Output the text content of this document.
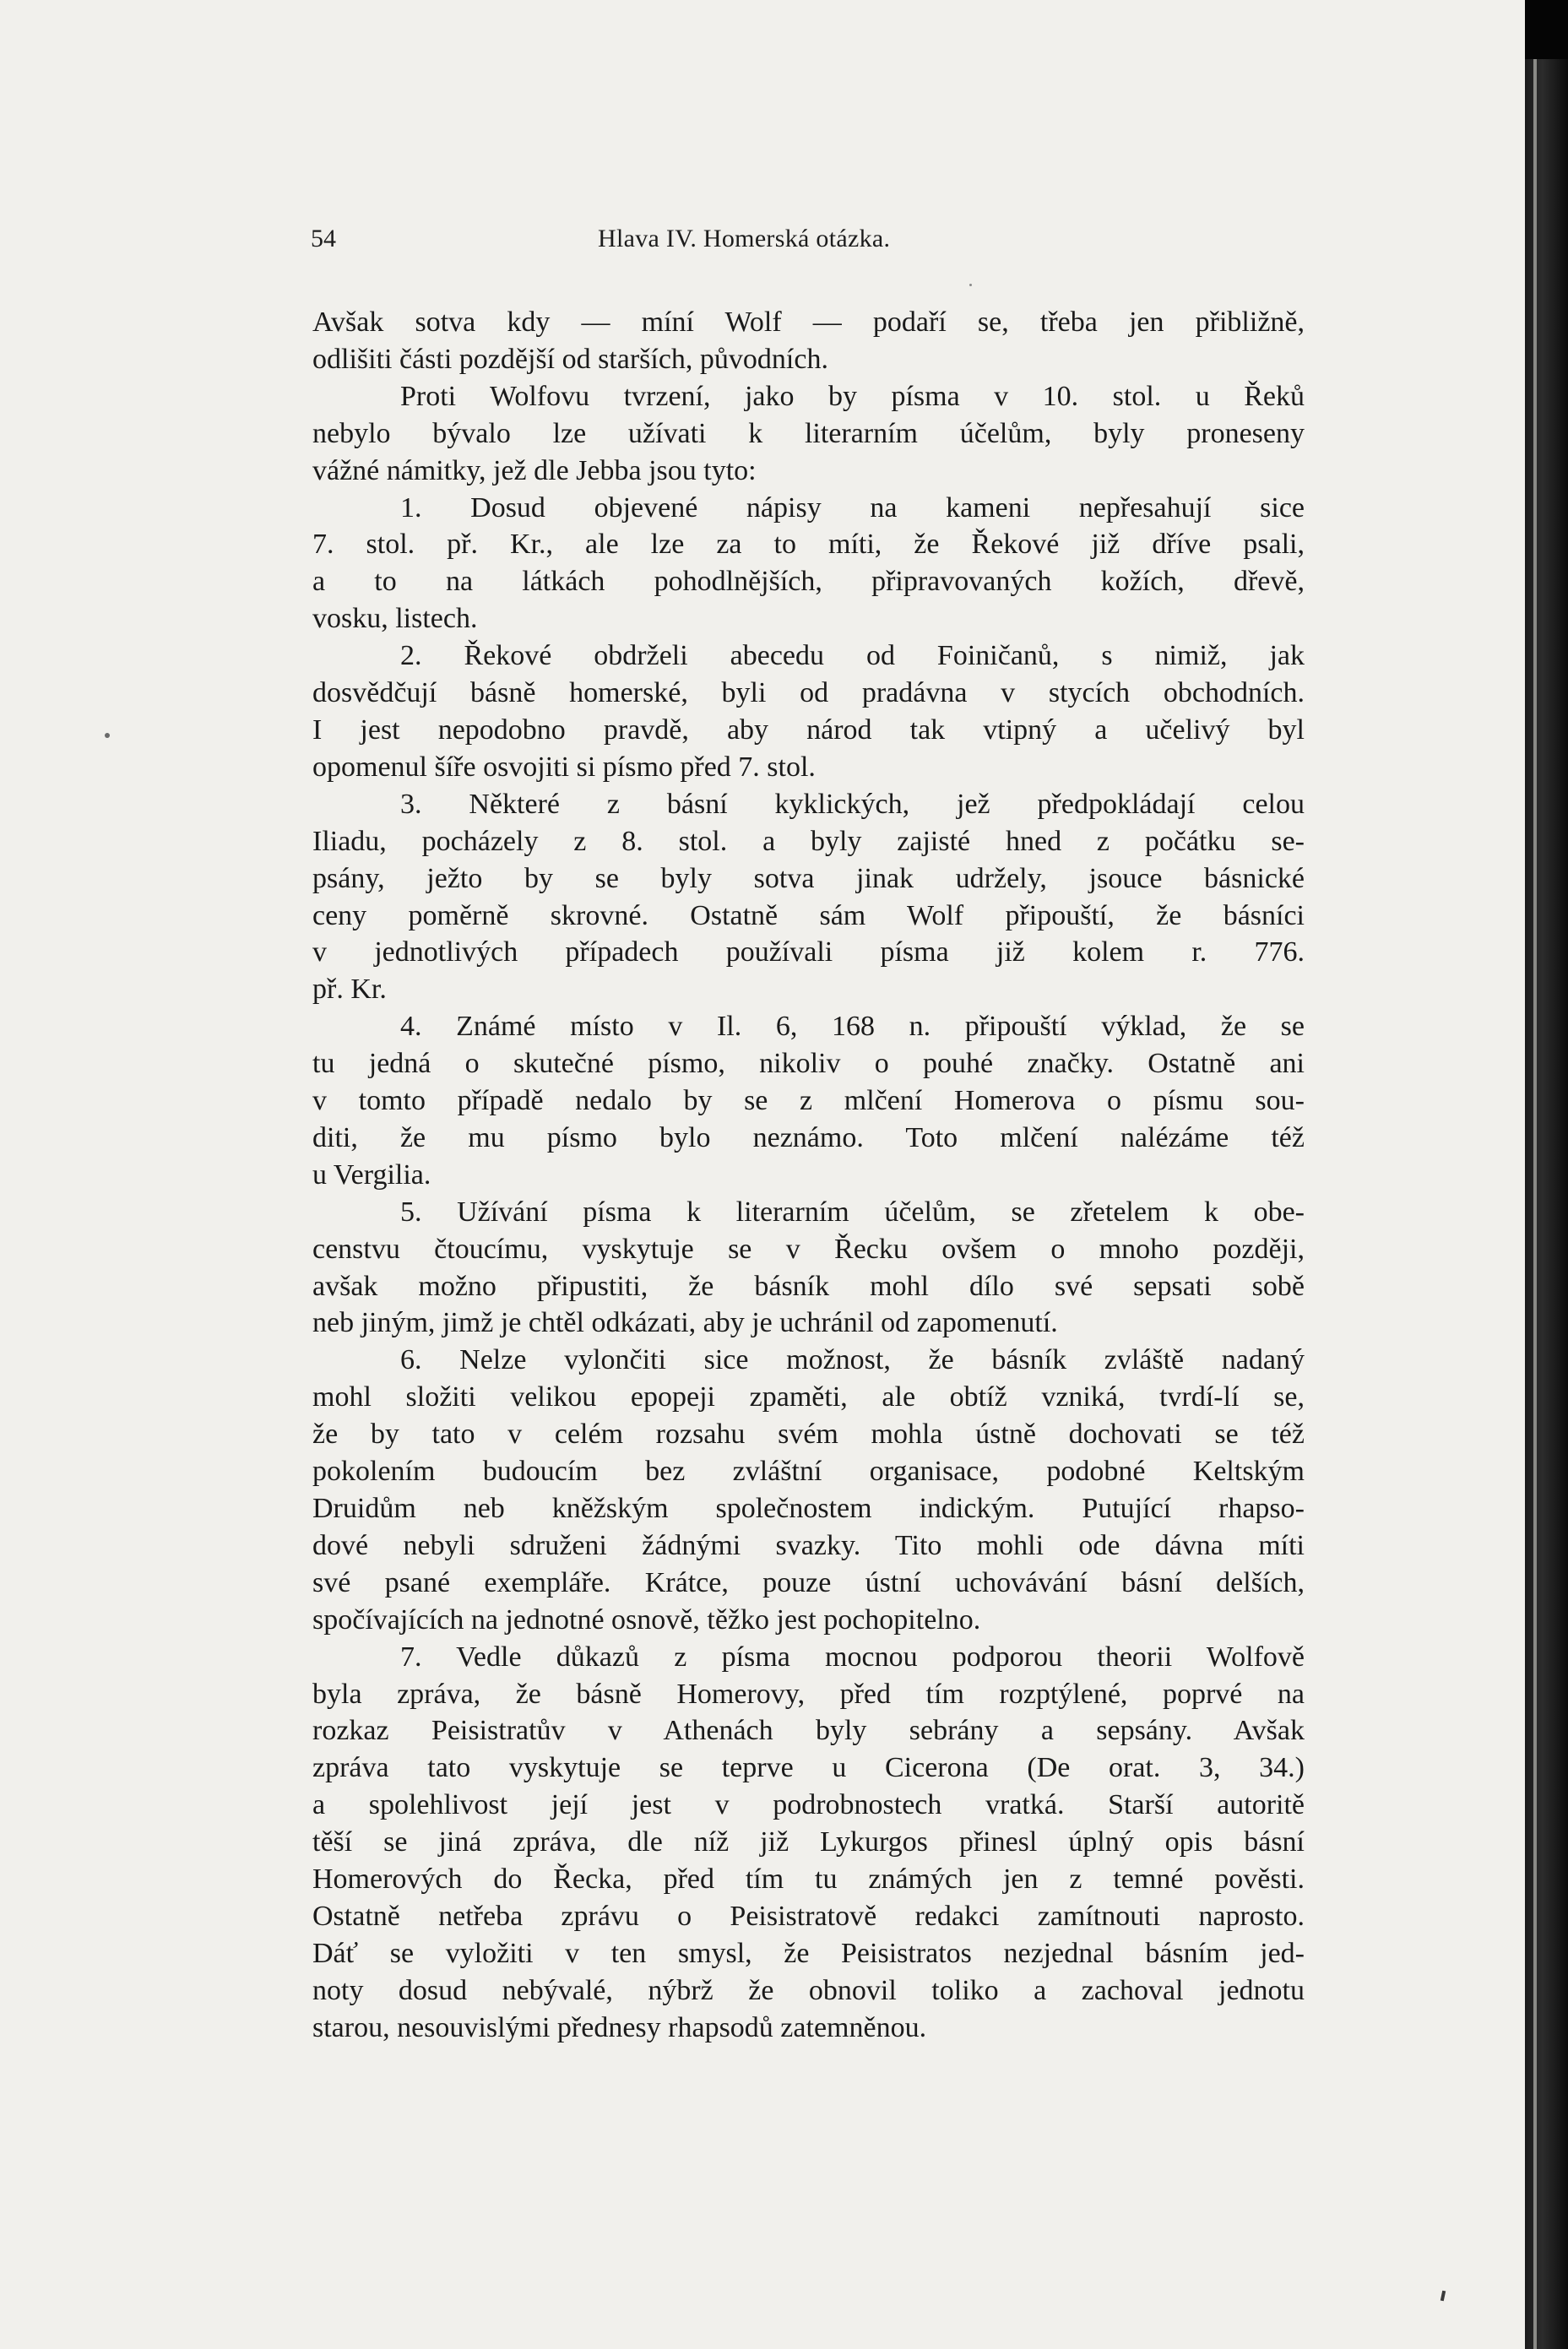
54	Hlava IV. Homerská otázka.

Avšak sotva kdy — míní Wolf — podaří se, třeba jen přibližně,
odlišiti části pozdější od starších, původních.

Proti Wolfovu tvrzení, jako by písma v 10. stol. u Řeků
nebylo bývalo lze užívati k literarním účelům, byly proneseny
vážné námitky, jež dle Jebba jsou tyto:

1. Dosud objevené nápisy na kameni nepřesahují sice
7. stol. př. Kr., ale lze za to míti, že Řekové již dříve psali,
a to na látkách pohodlnějších, připravovaných kožích, dřevě,
vosku, listech.

2. Řekové obdrželi abecedu od Foiničanů, s nimiž, jak
dosvědčují básně homerské, byli od pradávna v stycích obchodních.
I jest nepodobno pravdě, aby národ tak vtipný a učelivý byl
opomenul šíře osvojiti si písmo před 7. stol.

3. Některé z básní kyklických, jež předpokládají celou
Iliadu, pocházely z 8. stol. a byly zajisté hned z počátku se-
psány, ježto by se byly sotva jinak udržely, jsouce básnické
ceny poměrně skrovné. Ostatně sám Wolf připouští, že básníci
v jednotlivých případech používali písma již kolem r. 776.
př. Kr.

4. Známé místo v Il. 6, 168 n. připouští výklad, že se
tu jedná o skutečné písmo, nikoliv o pouhé značky. Ostatně ani
v tomto případě nedalo by se z mlčení Homerova o písmu sou-
diti, že mu písmo bylo neznámo. Toto mlčení nalézáme též
u Vergilia.

5. Užívání písma k literarním účelům, se zřetelem k obe-
censtvu čtoucímu, vyskytuje se v Řecku ovšem o mnoho později,
avšak možno připustiti, že básník mohl dílo své sepsati sobě
neb jiným, jimž je chtěl odkázati, aby je uchránil od zapomenutí.

6. Nelze vylončiti sice možnost, že básník zvláště nadaný
mohl složiti velikou epopeji zpaměti, ale obtíž vzniká, tvrdí-lí se,
že by tato v celém rozsahu svém mohla ústně dochovati se též
pokolením budoucím bez zvláštní organisace, podobné Keltským
Druidům neb kněžským společnostem indickým. Putující rhapso-
dové nebyli sdruženi žádnými svazky. Tito mohli ode dávna míti
své psané exempláře. Krátce, pouze ústní uchovávání básní delších,
spočívajících na jednotné osnově, těžko jest pochopitelno.

7. Vedle důkazů z písma mocnou podporou theorii Wolfově
byla zpráva, že básně Homerovy, před tím rozptýlené, poprvé na
rozkaz Peisistratův v Athenách byly sebrány a sepsány. Avšak
zpráva tato vyskytuje se teprve u Cicerona (De orat. 3, 34.)
a spolehlivost její jest v podrobnostech vratká. Starší autoritě
těší se jiná zpráva, dle níž již Lykurgos přinesl úplný opis básní
Homerových do Řecka, před tím tu známých jen z temné pověsti.
Ostatně netřeba zprávu o Peisistratově redakci zamítnouti naprosto.
Dáť se vyložiti v ten smysl, že Peisistratos nezjednal básním jed-
noty dosud nebývalé, nýbrž že obnovil toliko a zachoval jednotu
starou, nesouvislými přednesy rhapsodů zatemněnou.
